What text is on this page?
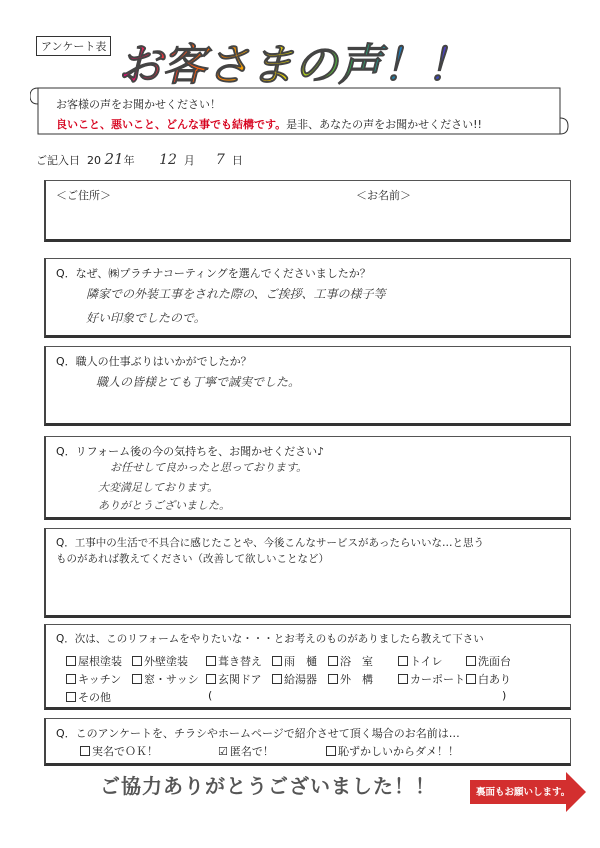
アンケート表 お客さまの声！！
お客様の声をお聞かせください！
良いこと、悪いこと、どんな事でも結構です。是非、あなたの声をお聞かせください!!
ご記入日 20 21年 12 月 7 日
＜ご住所＞	＜お名前＞
Q．なぜ、㈱プラチナコーティングを選んでくださいましたか？
隣家での外装工事をされた際の、ご挨拶、工事の様子等
好い印象でしたので。
Q．職人の仕事ぶりはいかがでしたか？
職人の皆様とても丁寧で誠実でした。
Q．リフォーム後の今の気持ちを、お聞かせください♪
お任せして良かったと思っております。
大変満足しております。
ありがとうございました。
Q．工事中の生活で不具合に感じたことや、今後こんなサービスがあったらいいな…と思う
ものがあれば教えてください（改善して欲しいことなど）
Q．次は、このリフォームをやりたいな・・・とお考えのものがありましたら教えて下さい
屋根塗装	外壁塗装	葺き替え	雨　樋	浴　室	トイレ	洗面台
キッチン	窓・サッシ	玄関ドア	給湯器	外　構	カーポート	白あり
その他	(	)
Q．このアンケートを、チラシやホームページで紹介させて頂く場合のお名前は…
実名でＯＫ！	☑ 匿名で！	恥ずかしいからダメ！！
ご協力ありがとうございました！！	裏面もお願いします。
